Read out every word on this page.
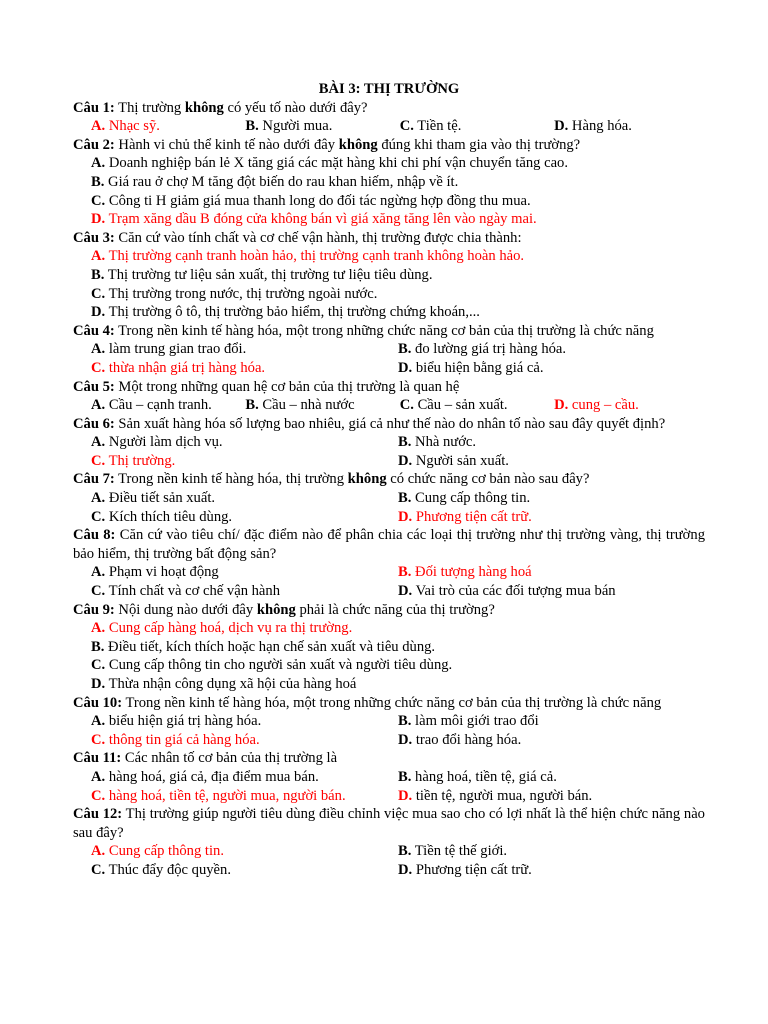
BÀI 3: THỊ TRƯỜNG

Câu 1: Thị trường không có yếu tố nào dưới đây?

A. Nhạc sỹ.	B. Người mua.	C. Tiền tệ.	D. Hàng hóa.

Câu 2: Hành vi chủ thể kinh tế nào dưới đây không đúng khi tham gia vào thị trường?

A. Doanh nghiệp bán lẻ X tăng giá các mặt hàng khi chi phí vận chuyển tăng cao.
B. Giá rau ở chợ M tăng đột biến do rau khan hiếm, nhập về ít.
C. Công ti H giảm giá mua thanh long do đối tác ngừng hợp đồng thu mua.
D. Trạm xăng dầu B đóng cửa không bán vì giá xăng tăng lên vào ngày mai.

Câu 3: Căn cứ vào tính chất và cơ chế vận hành, thị trường được chia thành:

A. Thị trường cạnh tranh hoàn hảo, thị trường cạnh tranh không hoàn hảo.
B. Thị trường tư liệu sản xuất, thị trường tư liệu tiêu dùng.
C. Thị trường trong nước, thị trường ngoài nước.
D. Thị trường ô tô, thị trường bảo hiểm, thị trường chứng khoán,...

Câu 4: Trong nền kinh tế hàng hóa, một trong những chức năng cơ bản của thị trường là chức năng

A. làm trung gian trao đổi.	B. đo lường giá trị hàng hóa.
C. thừa nhận giá trị hàng hóa.	D. biểu hiện bằng giá cả.

Câu 5: Một trong những quan hệ cơ bản của thị trường là quan hệ

A. Cầu – cạnh tranh.	B. Cầu – nhà nước	C. Cầu – sản xuất.	D. cung – cầu.

Câu 6: Sản xuất hàng hóa số lượng bao nhiêu, giá cả như thế nào do nhân tố nào sau đây quyết định?

A. Người làm dịch vụ.	B. Nhà nước.
C. Thị trường.	D. Người sản xuất.

Câu 7: Trong nền kinh tế hàng hóa, thị trường không có chức năng cơ bản nào sau đây?

A. Điều tiết sản xuất.	B. Cung cấp thông tin.
C. Kích thích tiêu dùng.	D. Phương tiện cất trữ.

Câu 8: Căn cứ vào tiêu chí/ đặc điểm nào để phân chia các loại thị trường như thị trường vàng, thị trường bảo hiểm, thị trường bất động sản?

A. Phạm vi hoạt động	B. Đối tượng hàng hoá
C. Tính chất và cơ chế vận hành	D. Vai trò của các đối tượng mua bán

Câu 9: Nội dung nào dưới đây không phải là chức năng của thị trường?

A. Cung cấp hàng hoá, dịch vụ ra thị trường.
B. Điều tiết, kích thích hoặc hạn chế sản xuất và tiêu dùng.
C. Cung cấp thông tin cho người sản xuất và người tiêu dùng.
D. Thừa nhận công dụng xã hội của hàng hoá

Câu 10: Trong nền kinh tế hàng hóa, một trong những chức năng cơ bản của thị trường là chức năng

A. biểu hiện giá trị hàng hóa.	B. làm môi giới trao đổi
C. thông tin giá cả hàng hóa.	D. trao đổi hàng hóa.

Câu 11: Các nhân tố cơ bản của thị trường là

A. hàng hoá, giá cả, địa điểm mua bán.	B. hàng hoá, tiền tệ, giá cả.
C. hàng hoá, tiền tệ, người mua, người bán.	D. tiền tệ, người mua, người bán.

Câu 12: Thị trường giúp người tiêu dùng điều chỉnh việc mua sao cho có lợi nhất là thể hiện chức năng nào sau đây?

A. Cung cấp thông tin.	B. Tiền tệ thế giới.
C. Thúc đẩy độc quyền.	D. Phương tiện cất trữ.
